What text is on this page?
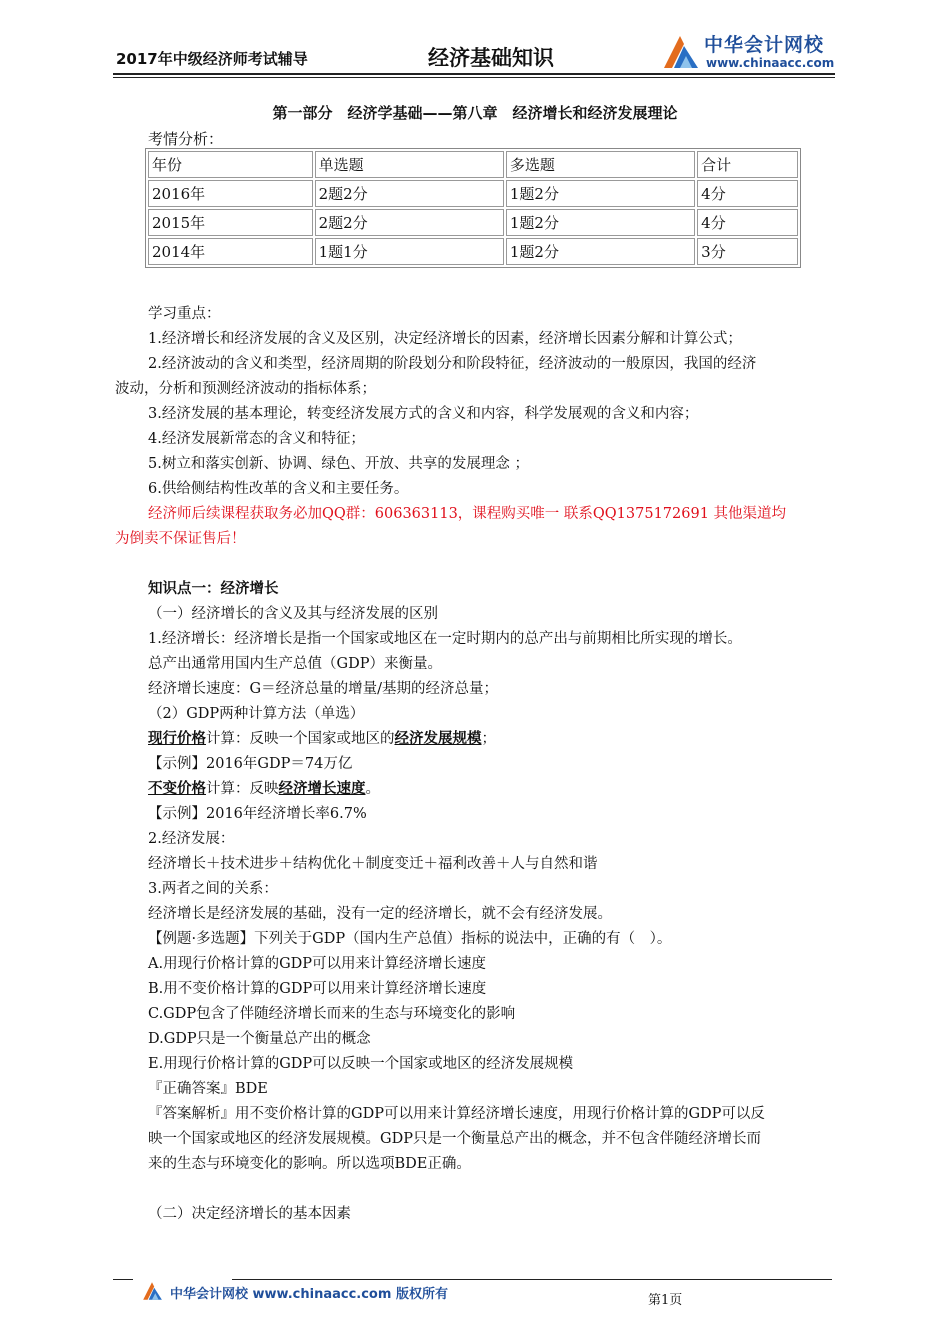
2017年中级经济师考试辅导	经济基础知识
中华会计网校
www.chinaacc.com
第一部分　经济学基础——第八章　经济增长和经济发展理论
考情分析：
年份	单选题	多选题	合计
2016年	2题2分	1题2分	4分
2015年	2题2分	1题2分	4分
2014年	1题1分	1题2分	3分

学习重点：

1.经济增长和经济发展的含义及区别，决定经济增长的因素，经济增长因素分解和计算公式；

2.经济波动的含义和类型，经济周期的阶段划分和阶段特征，经济波动的一般原因，我国的经济

波动，分析和预测经济波动的指标体系；

3.经济发展的基本理论，转变经济发展方式的含义和内容，科学发展观的含义和内容；

4.经济发展新常态的含义和特征；

5.树立和落实创新、协调、绿色、开放、共享的发展理念 ；

6.供给侧结构性改革的含义和主要任务。

经济师后续课程获取务必加QQ群：606363113，课程购买唯一 联系QQ1375172691 其他渠道均

为倒卖不保证售后！

知识点一：经济增长

（一）经济增长的含义及其与经济发展的区别

1.经济增长：经济增长是指一个国家或地区在一定时期内的总产出与前期相比所实现的增长。

总产出通常用国内生产总值（GDP）来衡量。

经济增长速度：G＝经济总量的增量/基期的经济总量；

（2）GDP两种计算方法（单选）

现行价格计算：反映一个国家或地区的经济发展规模；

【示例】2016年GDP＝74万亿

不变价格计算：反映经济增长速度。

【示例】2016年经济增长率6.7%

2.经济发展：

经济增长＋技术进步＋结构优化＋制度变迁＋福利改善＋人与自然和谐

3.两者之间的关系：

经济增长是经济发展的基础，没有一定的经济增长，就不会有经济发展。

【例题·多选题】下列关于GDP（国内生产总值）指标的说法中，正确的有（　）。

A.用现行价格计算的GDP可以用来计算经济增长速度

B.用不变价格计算的GDP可以用来计算经济增长速度

C.GDP包含了伴随经济增长而来的生态与环境变化的影响

D.GDP只是一个衡量总产出的概念

E.用现行价格计算的GDP可以反映一个国家或地区的经济发展规模

『正确答案』BDE

『答案解析』用不变价格计算的GDP可以用来计算经济增长速度，用现行价格计算的GDP可以反

映一个国家或地区的经济发展规模。GDP只是一个衡量总产出的概念，并不包含伴随经济增长而

来的生态与环境变化的影响。所以选项BDE正确。

（二）决定经济增长的基本因素

中华会计网校 www.chinaacc.com 版权所有	第1页
